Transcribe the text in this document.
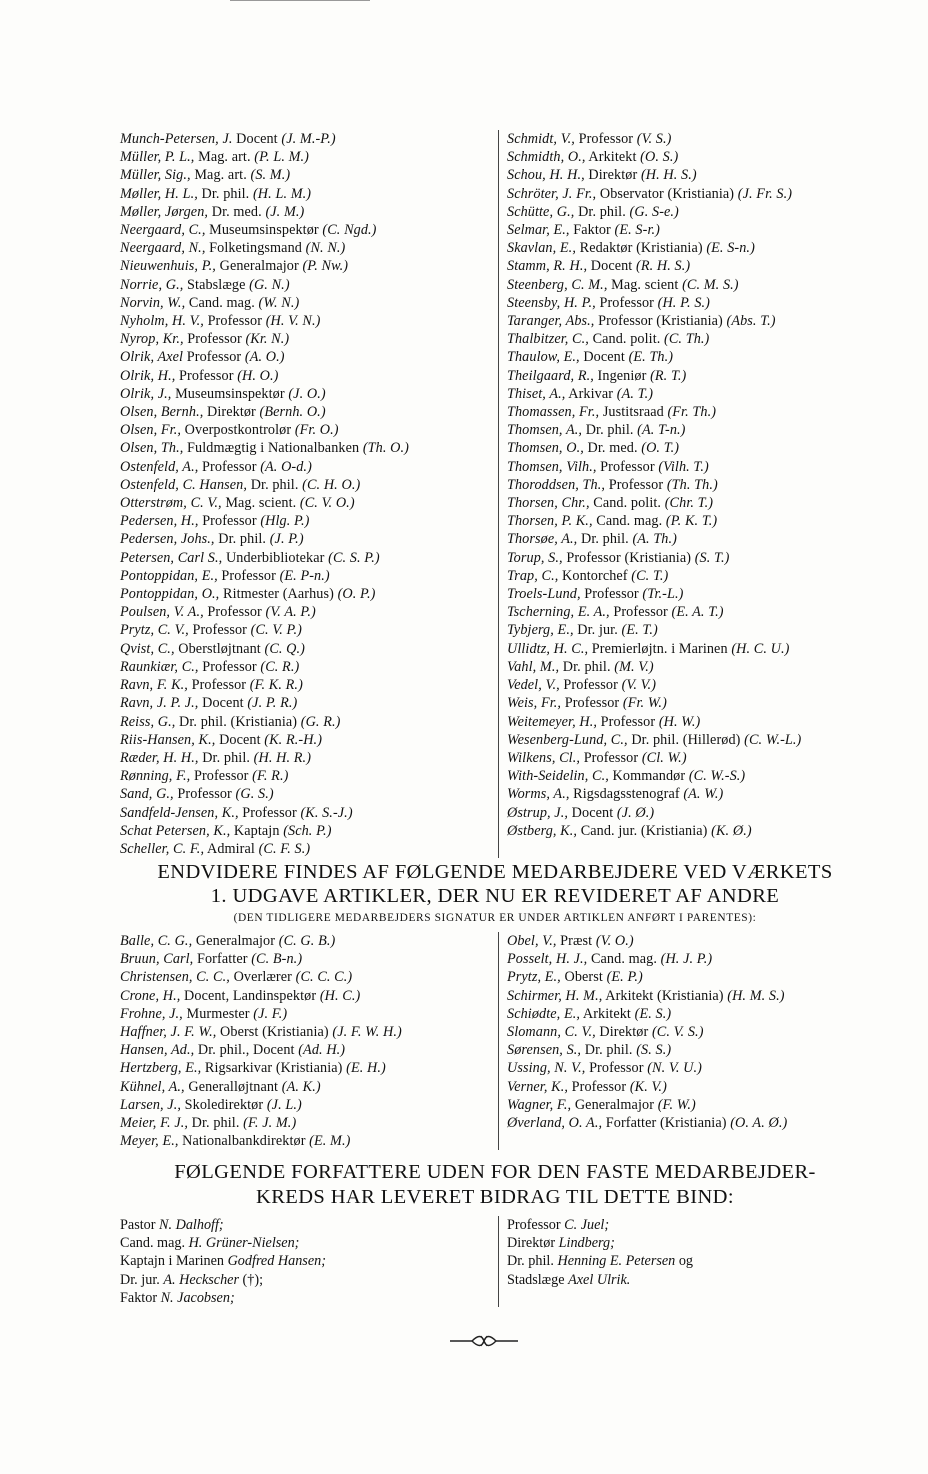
Munch-Petersen, J. Docent (J. M.-P.)
Müller, P. L., Mag. art. (P. L. M.)
Müller, Sig., Mag. art. (S. M.)
Møller, H. L., Dr. phil. (H. L. M.)
Møller, Jørgen, Dr. med. (J. M.)
Neergaard, C., Museumsinspektør (C. Ngd.)
Neergaard, N., Folketingsmand (N. N.)
Nieuwenhuis, P., Generalmajor (P. Nw.)
Norrie, G., Stabslæge (G. N.)
Norvin, W., Cand. mag. (W. N.)
Nyholm, H. V., Professor (H. V. N.)
Nyrop, Kr., Professor (Kr. N.)
Olrik, Axel Professor (A. O.)
Olrik, H., Professor (H. O.)
Olrik, J., Museumsinspektør (J. O.)
Olsen, Bernh., Direktør (Bernh. O.)
Olsen, Fr., Overpostkontrolør (Fr. O.)
Olsen, Th., Fuldmægtig i Nationalbanken (Th. O.)
Ostenfeld, A., Professor (A. O-d.)
Ostenfeld, C. Hansen, Dr. phil. (C. H. O.)
Otterstrøm, C. V., Mag. scient. (C. V. O.)
Pedersen, H., Professor (Hlg. P.)
Pedersen, Johs., Dr. phil. (J. P.)
Petersen, Carl S., Underbibliotekar (C. S. P.)
Pontoppidan, E., Professor (E. P-n.)
Pontoppidan, O., Ritmester (Aarhus) (O. P.)
Poulsen, V. A., Professor (V. A. P.)
Prytz, C. V., Professor (C. V. P.)
Qvist, C., Oberstløjtnant (C. Q.)
Raunkiær, C., Professor (C. R.)
Ravn, F. K., Professor (F. K. R.)
Ravn, J. P. J., Docent (J. P. R.)
Reiss, G., Dr. phil. (Kristiania) (G. R.)
Riis-Hansen, K., Docent (K. R.-H.)
Ræder, H. H., Dr. phil. (H. H. R.)
Rønning, F., Professor (F. R.)
Sand, G., Professor (G. S.)
Sandfeld-Jensen, K., Professor (K. S.-J.)
Schat Petersen, K., Kaptajn (Sch. P.)
Scheller, C. F., Admiral (C. F. S.)
Schmidt, V., Professor (V. S.)
Schmidth, O., Arkitekt (O. S.)
Schou, H. H., Direktør (H. H. S.)
Schröter, J. Fr., Observator (Kristiania) (J. Fr. S.)
Schütte, G., Dr. phil. (G. S-e.)
Selmar, E., Faktor (E. S-r.)
Skavlan, E., Redaktør (Kristiania) (E. S-n.)
Stamm, R. H., Docent (R. H. S.)
Steenberg, C. M., Mag. scient (C. M. S.)
Steensby, H. P., Professor (H. P. S.)
Taranger, Abs., Professor (Kristiania) (Abs. T.)
Thalbitzer, C., Cand. polit. (C. Th.)
Thaulow, E., Docent (E. Th.)
Theilgaard, R., Ingeniør (R. T.)
Thiset, A., Arkivar (A. T.)
Thomassen, Fr., Justitsraad (Fr. Th.)
Thomsen, A., Dr. phil. (A. T-n.)
Thomsen, O., Dr. med. (O. T.)
Thomsen, Vilh., Professor (Vilh. T.)
Thoroddsen, Th., Professor (Th. Th.)
Thorsen, Chr., Cand. polit. (Chr. T.)
Thorsen, P. K., Cand. mag. (P. K. T.)
Thorsøe, A., Dr. phil. (A. Th.)
Torup, S., Professor (Kristiania) (S. T.)
Trap, C., Kontorchef (C. T.)
Troels-Lund, Professor (Tr.-L.)
Tscherning, E. A., Professor (E. A. T.)
Tybjerg, E., Dr. jur. (E. T.)
Ullidtz, H. C., Premierløjtn. i Marinen (H. C. U.)
Vahl, M., Dr. phil. (M. V.)
Vedel, V., Professor (V. V.)
Weis, Fr., Professor (Fr. W.)
Weitemeyer, H., Professor (H. W.)
Wesenberg-Lund, C., Dr. phil. (Hillerød) (C. W.-L.)
Wilkens, Cl., Professor (Cl. W.)
With-Seidelin, C., Kommandør (C. W.-S.)
Worms, A., Rigsdagsstenograf (A. W.)
Østrup, J., Docent (J. Ø.)
Østberg, K., Cand. jur. (Kristiania) (K. Ø.)
ENDVIDERE FINDES AF FØLGENDE MEDARBEJDERE VED VÆRKETS
1. UDGAVE ARTIKLER, DER NU ER REVIDERET AF ANDRE
(DEN TIDLIGERE MEDARBEJDERS SIGNATUR ER UNDER ARTIKLEN ANFØRT I PARENTES):
Balle, C. G., Generalmajor (C. G. B.)
Bruun, Carl, Forfatter (C. B-n.)
Christensen, C. C., Overlærer (C. C. C.)
Crone, H., Docent, Landinspektør (H. C.)
Frohne, J., Murmester (J. F.)
Haffner, J. F. W., Oberst (Kristiania) (J. F. W. H.)
Hansen, Ad., Dr. phil., Docent (Ad. H.)
Hertzberg, E., Rigsarkivar (Kristiania) (E. H.)
Kühnel, A., Generalløjtnant (A. K.)
Larsen, J., Skoledirektør (J. L.)
Meier, F. J., Dr. phil. (F. J. M.)
Meyer, E., Nationalbankdirektør (E. M.)
Obel, V., Præst (V. O.)
Posselt, H. J., Cand. mag. (H. J. P.)
Prytz, E., Oberst (E. P.)
Schirmer, H. M., Arkitekt (Kristiania) (H. M. S.)
Schiødte, E., Arkitekt (E. S.)
Slomann, C. V., Direktør (C. V. S.)
Sørensen, S., Dr. phil. (S. S.)
Ussing, N. V., Professor (N. V. U.)
Verner, K., Professor (K. V.)
Wagner, F., Generalmajor (F. W.)
Øverland, O. A., Forfatter (Kristiania) (O. A. Ø.)
FØLGENDE FORFATTERE UDEN FOR DEN FASTE MEDARBEJDER-
KREDS HAR LEVERET BIDRAG TIL DETTE BIND:
Pastor N. Dalhoff;
Cand. mag. H. Grüner-Nielsen;
Kaptajn i Marinen Godfred Hansen;
Dr. jur. A. Heckscher (†);
Faktor N. Jacobsen;
Professor C. Juel;
Direktør Lindberg;
Dr. phil. Henning E. Petersen og
Stadslæge Axel Ulrik.
